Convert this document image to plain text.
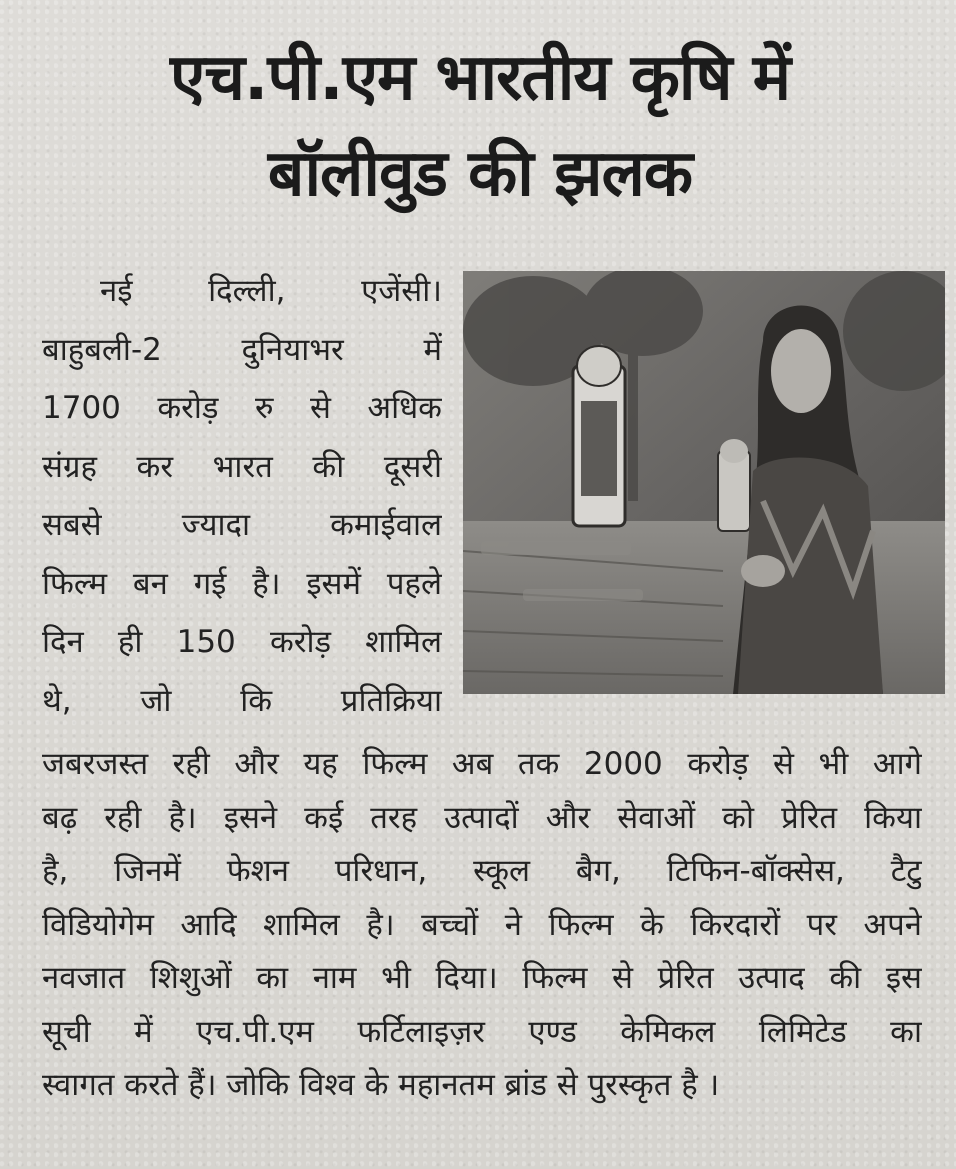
एच.पी.एम भारतीय कृषि में
बॉलीवुड की झलक
नई दिल्ली, एजेंसी।
बाहुबली-2 दुनियाभर में
1700 करोड़ रु से अधिक
संग्रह कर भारत की दूसरी
सबसे ज्यादा कमाईवाल
फिल्म बन गई है। इसमें पहले
दिन ही 150 करोड़ शामिल
थे, जो कि प्रतिक्रिया
जबरजस्त रही और यह फिल्म अब तक 2000 करोड़ से भी आगे
बढ़ रही है। इसने कई तरह उत्पादों और सेवाओं को प्रेरित किया
है, जिनमें फेशन परिधान, स्कूल बैग, टिफिन-बॉक्सेस, टैटु
विडियोगेम आदि शामिल है। बच्चों ने फिल्म के किरदारों पर अपने
नवजात शिशुओं का नाम भी दिया। फिल्म से प्रेरित उत्पाद की इस
सूची में एच.पी.एम फर्टिलाइज़र एण्ड केमिकल लिमिटेड का
स्वागत करते हैं। जोकि विश्व के महानतम ब्रांड से पुरस्कृत है ।
